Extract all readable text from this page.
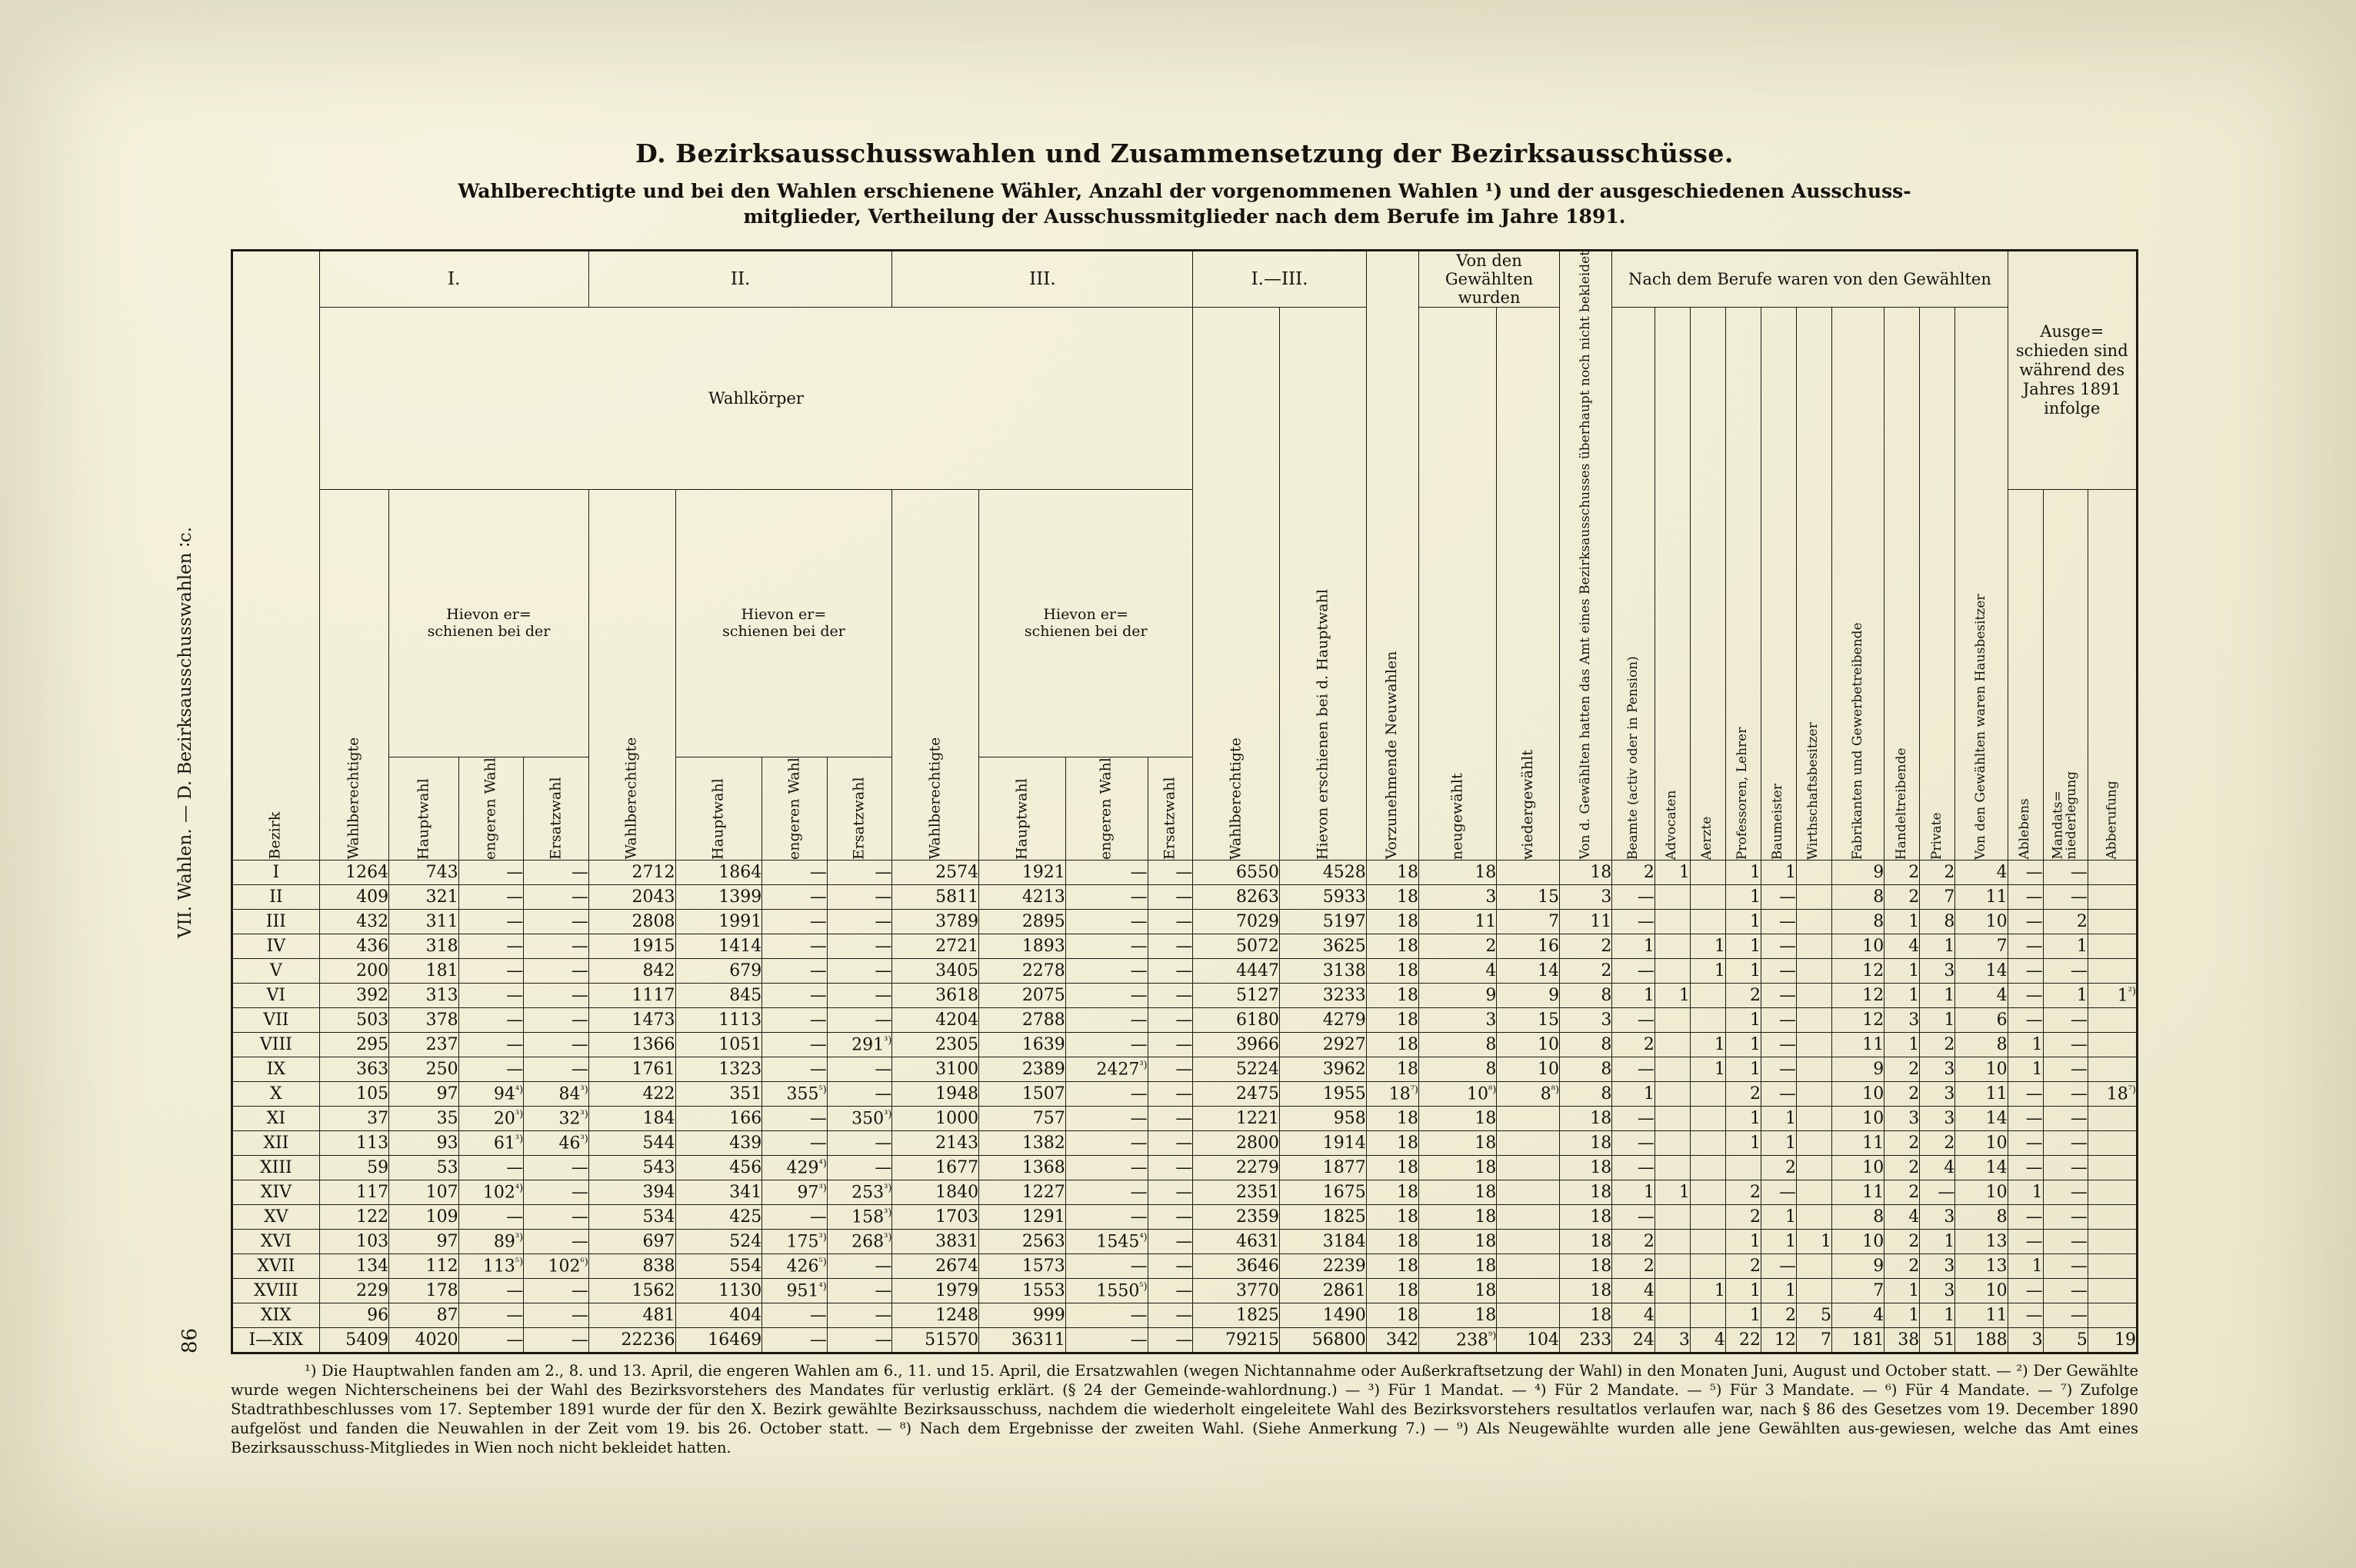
86
D. Bezirksausschusswahlen und Zusammensetzung der Bezirksausschüsse.
Wahlberechtigte und bei den Wahlen erschienene Wähler, Anzahl der vorgenommenen Wahlen ¹) und der ausgeschiedenen Ausschuss-
mitglieder, Vertheilung der Ausschussmitglieder nach dem Berufe im Jahre 1891.
Bezirk	I.				II.				III.				I.—III.		Vorzunehmende Neuwahlen	Von den Gewählten wurden		Von d. Gewählten hatten das Amt eines Bezirksausschusses überhaupt noch nicht bekleidet	Nach dem Berufe waren von den Gewählten										Ausge=
schieden sind
während des
Jahres 1891
infolge		
	Wahlkörper												Wahlberechtigte	Hievon erschienen bei d. Hauptwahl		neugewählt	wiedergewählt		Beamte (activ oder in Pension)	Advocaten	Aerzte	Professoren, Lehrer	Baumeister	Wirthschaftsbesitzer	Fabrikanten und Gewerbetreibende	Handeltreibende	Private	Von den Gewählten waren Hausbesitzer			
	Wahlberechtigte	Hievon er=
schienen bei der			Wahlberechtigte	Hievon er=
schienen bei der			Wahlberechtigte	Hievon er=
schienen bei der																			Ablebens	Mandats=
niederlegung	Abberufung
		Hauptwahl	engeren Wahl	Ersatzwahl		Hauptwahl	engeren Wahl	Ersatzwahl		Hauptwahl	engeren Wahl	Ersatzwahl																			
I	1264	743	—	—	2712	1864	—	—	2574	1921	—	—	6550	4528	18	18		18	2	1		1	1		9	2	2	4	—	—	
II	409	321	—	—	2043	1399	—	—	5811	4213	—	—	8263	5933	18	3	15	3	—			1	—		8	2	7	11	—	—	
III	432	311	—	—	2808	1991	—	—	3789	2895	—	—	7029	5197	18	11	7	11	—			1	—		8	1	8	10	—	2	
IV	436	318	—	—	1915	1414	—	—	2721	1893	—	—	5072	3625	18	2	16	2	1		1	1	—		10	4	1	7	—	1	
V	200	181	—	—	842	679	—	—	3405	2278	—	—	4447	3138	18	4	14	2	—		1	1	—		12	1	3	14	—	—	
VI	392	313	—	—	1117	845	—	—	3618	2075	—	—	5127	3233	18	9	9	8	1	1		2	—		12	1	1	4	—	1	$1^{^2)}$
VII	503	378	—	—	1473	1113	—	—	4204	2788	—	—	6180	4279	18	3	15	3	—			1	—		12	3	1	6	—	—	
VIII	295	237	—	—	1366	1051	—	$291^{^3)}$	2305	1639	—	—	3966	2927	18	8	10	8	2		1	1	—		11	1	2	8	1	—	
IX	363	250	—	—	1761	1323	—	—	3100	2389	$2427^{^3)}$	—	5224	3962	18	8	10	8	—		1	1	—		9	2	3	10	1	—	
X	105	97	$94^{^4)}$	$84^{^3)}$	422	351	$355^{^5)}$	—	1948	1507	—	—	2475	1955	$18^{^7)}$	$10^{^8)}$	$8^{^8)}$	8	1			2	—		10	2	3	11	—	—	$18^{^7)}$
XI	37	35	$20^{^3)}$	$32^{^3)}$	184	166	—	$350^{^3)}$	1000	757	—	—	1221	958	18	18		18	—			1	1		10	3	3	14	—	—	
XII	113	93	$61^{^3)}$	$46^{^3)}$	544	439	—	—	2143	1382	—	—	2800	1914	18	18		18	—			1	1		11	2	2	10	—	—	
XIII	59	53	—	—	543	456	$429^{^4)}$	—	1677	1368	—	—	2279	1877	18	18		18	—				2		10	2	4	14	—	—	
XIV	117	107	$102^{^4)}$	—	394	341	$97^{^3)}$	$253^{^3)}$	1840	1227	—	—	2351	1675	18	18		18	1	1		2	—		11	2	—	10	1	—	
XV	122	109	—	—	534	425	—	$158^{^3)}$	1703	1291	—	—	2359	1825	18	18		18	—			2	1		8	4	3	8	—	—	
XVI	103	97	$89^{^3)}$	—	697	524	$175^{^3)}$	$268^{^3)}$	3831	2563	$1545^{^4)}$	—	4631	3184	18	18		18	2			1	1	1	10	2	1	13	—	—	
XVII	134	112	$113^{^5)}$	$102^{^6)}$	838	554	$426^{^5)}$	—	2674	1573	—	—	3646	2239	18	18		18	2			2	—		9	2	3	13	1	—	
XVIII	229	178	—	—	1562	1130	$951^{^4)}$	—	1979	1553	$1550^{^5)}$	—	3770	2861	18	18		18	4		1	1	1		7	1	3	10	—	—	
XIX	96	87	—	—	481	404	—	—	1248	999	—	—	1825	1490	18	18		18	4			1	2	5	4	1	1	11	—	—	
I—XIX	5409	4020	—	—	22236	16469	—	—	51570	36311	—	—	79215	56800	342	$238^{^9)}$	104	233	24	3	4	22	12	7	181	38	51	188	3	5	19
¹) Die Hauptwahlen fanden am 2., 8. und 13. April, die engeren Wahlen am 6., 11. und 15. April, die Ersatzwahlen (wegen Nichtannahme oder Außerkraftsetzung der Wahl) in den Monaten Juni, August und October statt. — ²) Der Gewählte wurde wegen Nichterscheinens bei der Wahl des Bezirksvorstehers des Mandates für verlustig erklärt. (§ 24 der Gemeinde-wahlordnung.) — ³) Für 1 Mandat. — ⁴) Für 2 Mandate. — ⁵) Für 3 Mandate. — ⁶) Für 4 Mandate. — ⁷) Zufolge Stadtrathbeschlusses vom 17. September 1891 wurde der für den X. Bezirk gewählte Bezirksausschuss, nachdem die wiederholt eingeleitete Wahl des Bezirksvorstehers resultatlos verlaufen war, nach § 86 des Gesetzes vom 19. December 1890 aufgelöst und fanden die Neuwahlen in der Zeit vom 19. bis 26. October statt. — ⁸) Nach dem Ergebnisse der zweiten Wahl. (Siehe Anmerkung 7.) — ⁹) Als Neugewählte wurden alle jene Gewählten aus-gewiesen, welche das Amt eines Bezirksausschuss-Mitgliedes in Wien noch nicht bekleidet hatten.
